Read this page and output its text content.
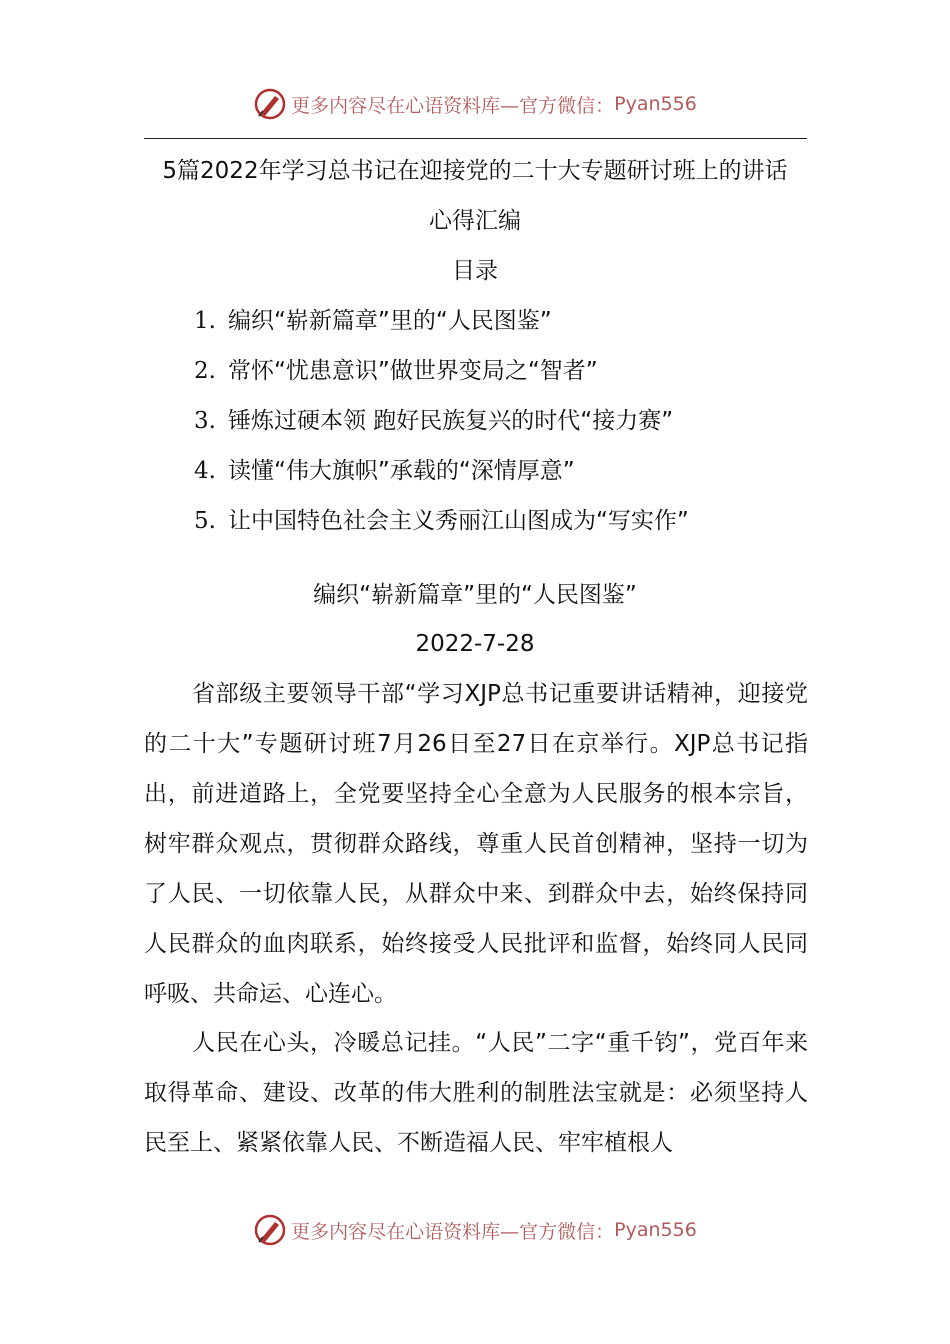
更多内容尽在心语资料库—官方微信： Pyan556
5篇2022年学习总书记在迎接党的二十大专题研讨班上的讲话
心得汇编
目录
1. 编织“崭新篇章”里的“人民图鉴”
2. 常怀“忧患意识”做世界变局之“智者”
3. 锤炼过硬本领 跑好民族复兴的时代“接力赛”
4. 读懂“伟大旗帜”承载的“深情厚意”
5. 让中国特色社会主义秀丽江山图成为“写实作”
编织“崭新篇章”里的“人民图鉴”
2022-7-28

省部级主要领导干部“学习XJP总书记重要讲话精神，迎接党的二十大”专题研讨班7月26日至27日在京举行。XJP总书记指出，前进道路上，全党要坚持全心全意为人民服务的根本宗旨，树牢群众观点，贯彻群众路线，尊重人民首创精神，坚持一切为了人民、一切依靠人民，从群众中来、到群众中去，始终保持同人民群众的血肉联系，始终接受人民批评和监督，始终同人民同呼吸、共命运、心连心。

人民在心头，冷暖总记挂。“人民”二字“重千钧”，党百年来取得革命、建设、改革的伟大胜利的制胜法宝就是：必须坚持人民至上、紧紧依靠人民、不断造福人民、牢牢植根人

更多内容尽在心语资料库—官方微信： Pyan556
